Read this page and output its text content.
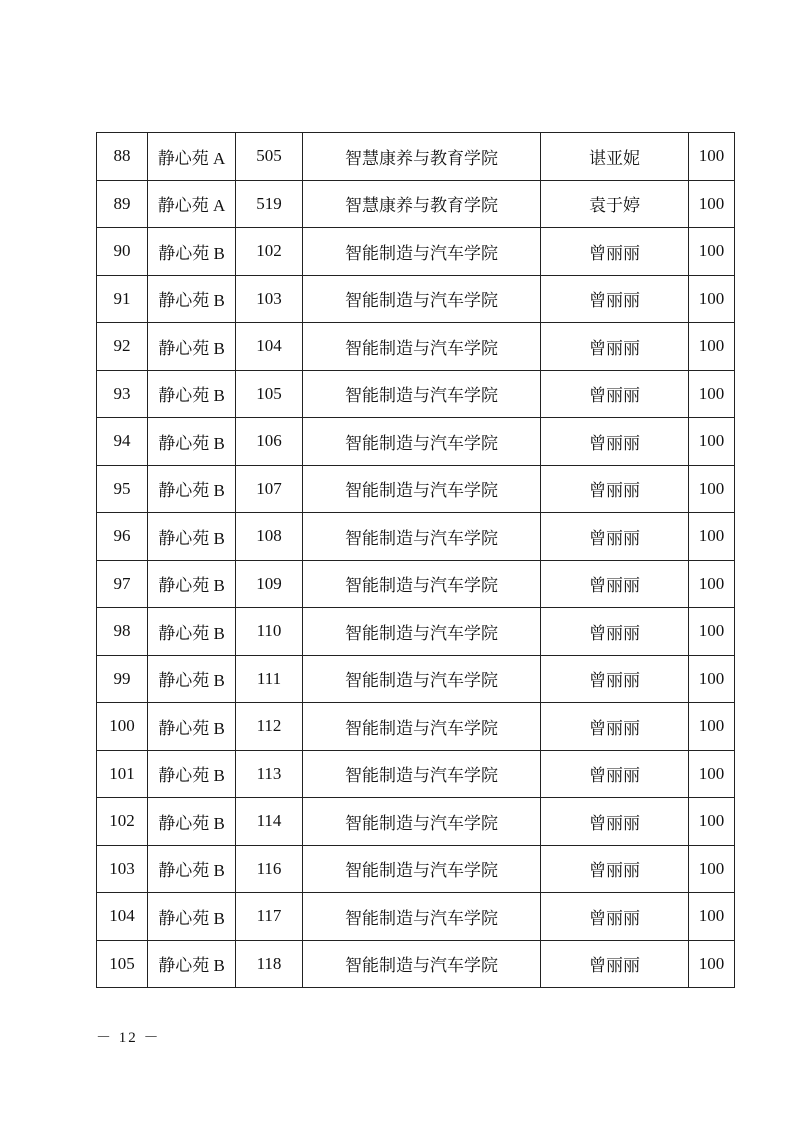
88	静心苑 A	505	智慧康养与教育学院	谌亚妮	100
89	静心苑 A	519	智慧康养与教育学院	袁于婷	100
90	静心苑 B	102	智能制造与汽车学院	曾丽丽	100
91	静心苑 B	103	智能制造与汽车学院	曾丽丽	100
92	静心苑 B	104	智能制造与汽车学院	曾丽丽	100
93	静心苑 B	105	智能制造与汽车学院	曾丽丽	100
94	静心苑 B	106	智能制造与汽车学院	曾丽丽	100
95	静心苑 B	107	智能制造与汽车学院	曾丽丽	100
96	静心苑 B	108	智能制造与汽车学院	曾丽丽	100
97	静心苑 B	109	智能制造与汽车学院	曾丽丽	100
98	静心苑 B	110	智能制造与汽车学院	曾丽丽	100
99	静心苑 B	111	智能制造与汽车学院	曾丽丽	100
100	静心苑 B	112	智能制造与汽车学院	曾丽丽	100
101	静心苑 B	113	智能制造与汽车学院	曾丽丽	100
102	静心苑 B	114	智能制造与汽车学院	曾丽丽	100
103	静心苑 B	116	智能制造与汽车学院	曾丽丽	100
104	静心苑 B	117	智能制造与汽车学院	曾丽丽	100
105	静心苑 B	118	智能制造与汽车学院	曾丽丽	100
－ 12 －
